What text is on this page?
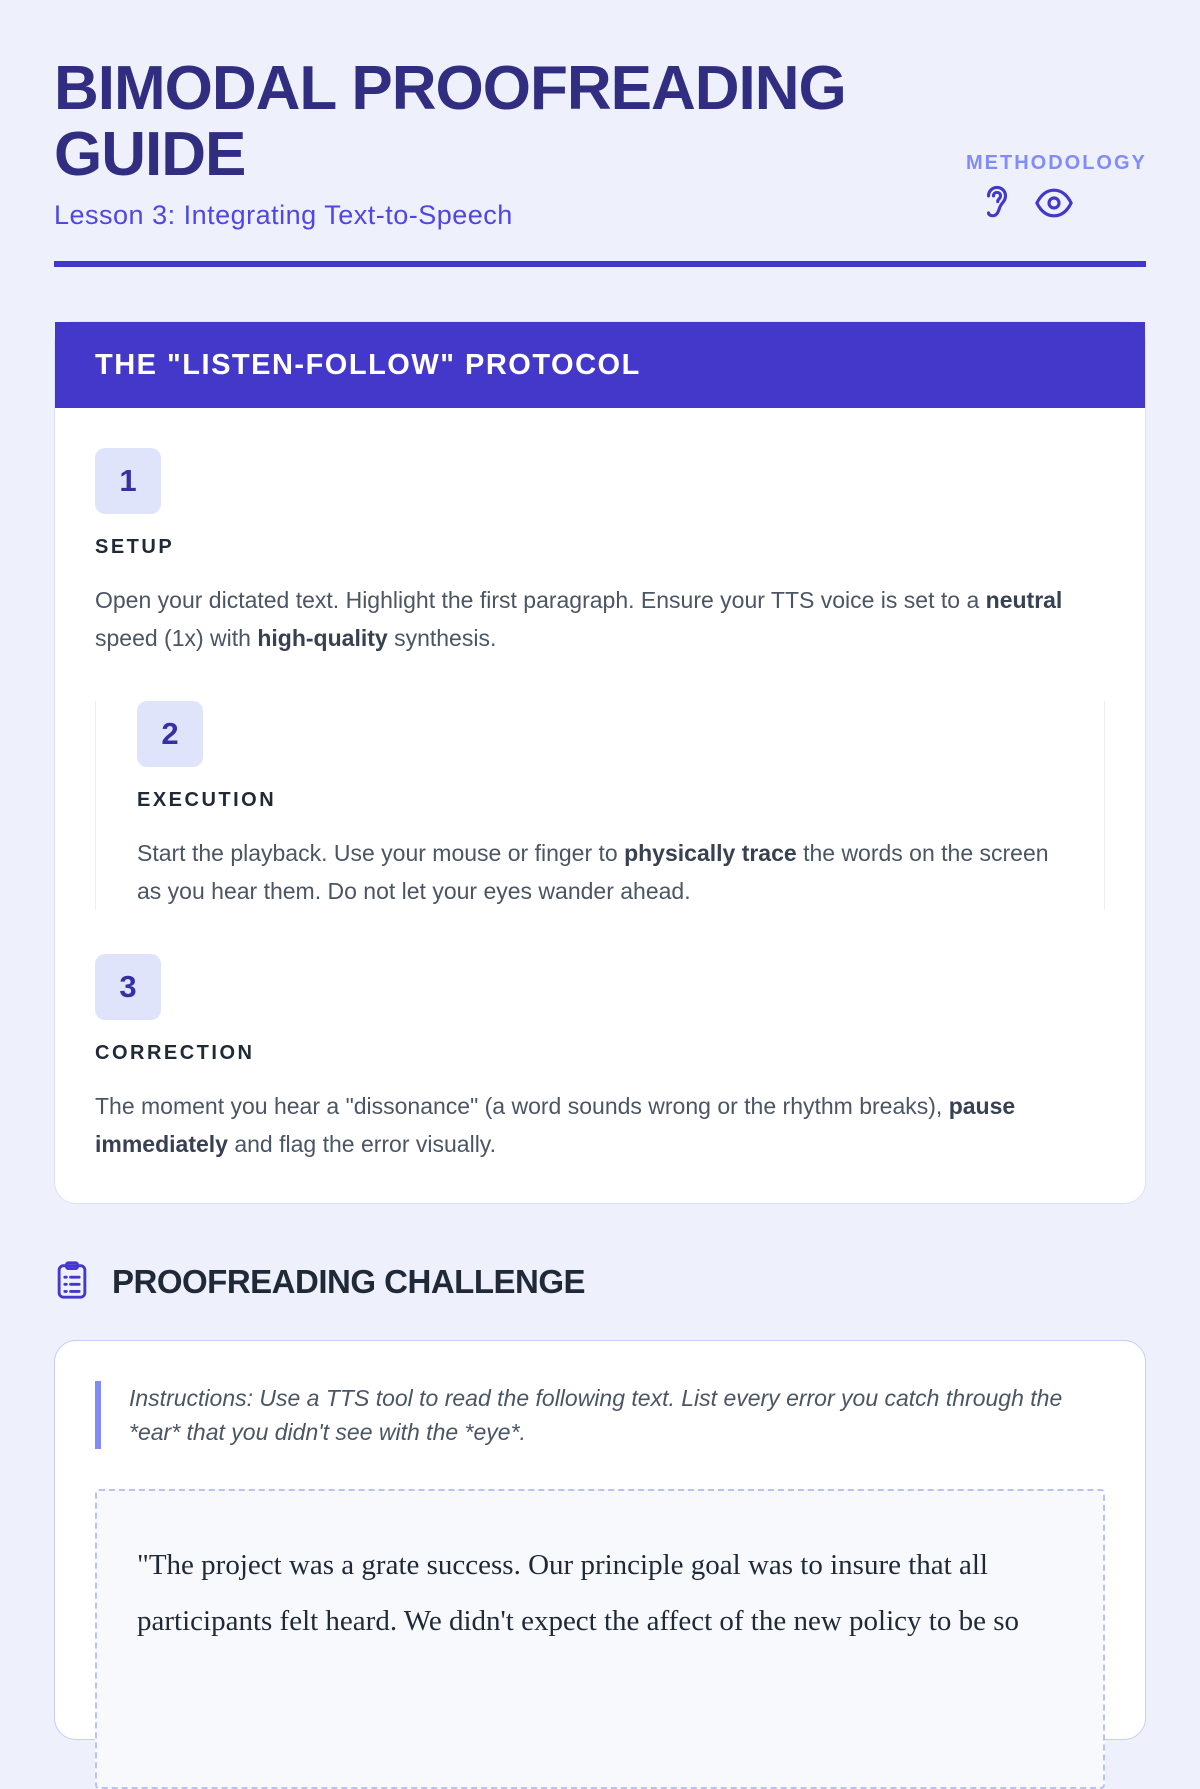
BIMODAL PROOFREADING GUIDE
Lesson 3: Integrating Text-to-Speech
METHODOLOGY
THE "LISTEN-FOLLOW" PROTOCOL
1
SETUP

Open your dictated text. Highlight the first paragraph. Ensure your TTS voice is set to a neutral speed (1x) with high-quality synthesis.

2
EXECUTION

Start the playback. Use your mouse or finger to physically trace the words on the screen as you hear them. Do not let your eyes wander ahead.

3
CORRECTION

The moment you hear a "dissonance" (a word sounds wrong or the rhythm breaks), pause immediately and flag the error visually.

PROOFREADING CHALLENGE

Instructions: Use a TTS tool to read the following text. List every error you catch through the *ear* that you didn't see with the *eye*.

"The project was a grate success. Our principle goal was to insure that all participants felt heard. We didn't expect the affect of the new policy to be so
